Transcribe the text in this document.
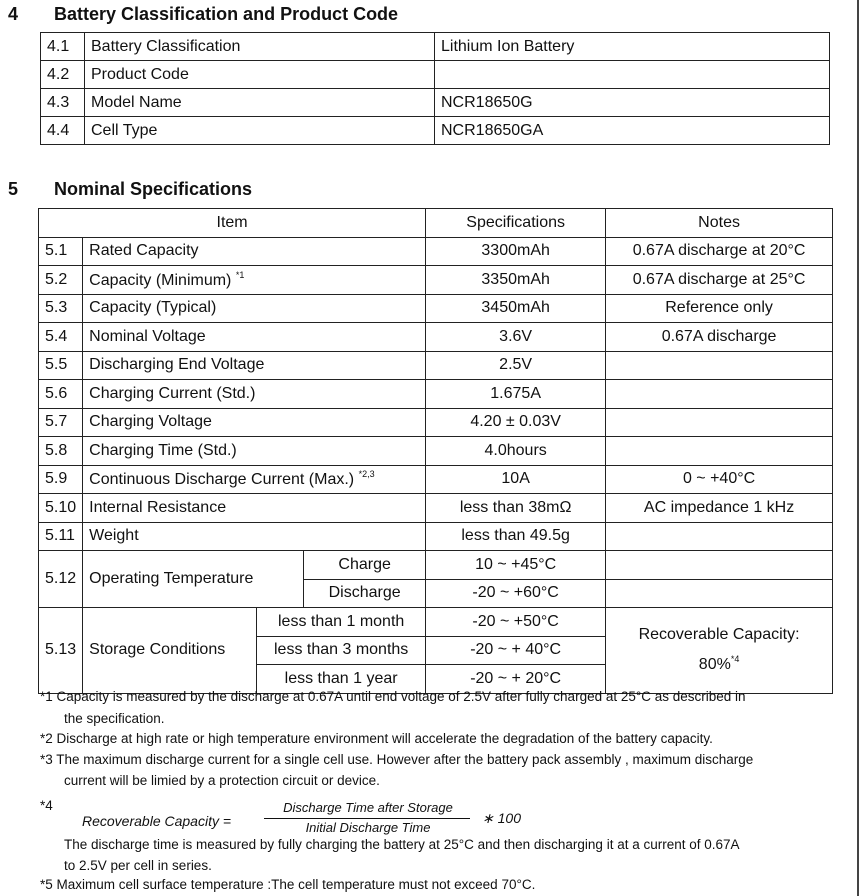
4 Battery Classification and Product Code
4.1	Battery Classification	Lithium Ion Battery
4.2	Product Code	
4.3	Model Name	NCR18650G
4.4	Cell Type	NCR18650GA
5 Nominal Specifications
Item				Specifications	Notes
5.1	Rated Capacity			3300mAh	0.67A discharge at 20°C
5.2	Capacity (Minimum) $^{*1}$			3350mAh	0.67A discharge at 25°C
5.3	Capacity (Typical)			3450mAh	Reference only
5.4	Nominal Voltage			3.6V	0.67A discharge
5.5	Discharging End Voltage			2.5V	
5.6	Charging Current (Std.)			1.675A	
5.7	Charging Voltage			4.20 ± 0.03V	
5.8	Charging Time (Std.)			4.0hours	
5.9	Continuous Discharge Current (Max.) $^{*2,3}$			10A	0 ~ +40°C
5.10	Internal Resistance			less than 38mΩ	AC impedance 1 kHz
5.11	Weight			less than 49.5g	
5.12	Operating Temperature		Charge	10 ~ +45°C	
			Discharge	-20 ~ +60°C	
5.13	Storage Conditions	less than 1 month		-20 ~ +50°C	Recoverable Capacity:
80%$^{*4}$

		less than 3 months		-20 ~ + 40°C	
		less than 1 year		-20 ~ + 20°C	
*1 Capacity is measured by the discharge at 0.67A until end voltage of 2.5V after fully charged at 25°C as described in
the specification.
*2 Discharge at high rate or high temperature environment will accelerate the degradation of the battery capacity.
*3 The maximum discharge current for a single cell use. However after the battery pack assembly , maximum discharge
current will be limied by a protection circuit or device.
*4
Recoverable Capacity =
Discharge Time after Storage
Initial Discharge Time
∗ 100
The discharge time is measured by fully charging the battery at 25°C and then discharging it at a current of 0.67A
to 2.5V per cell in series.
*5 Maximum cell surface temperature :The cell temperature must not exceed 70°C.
